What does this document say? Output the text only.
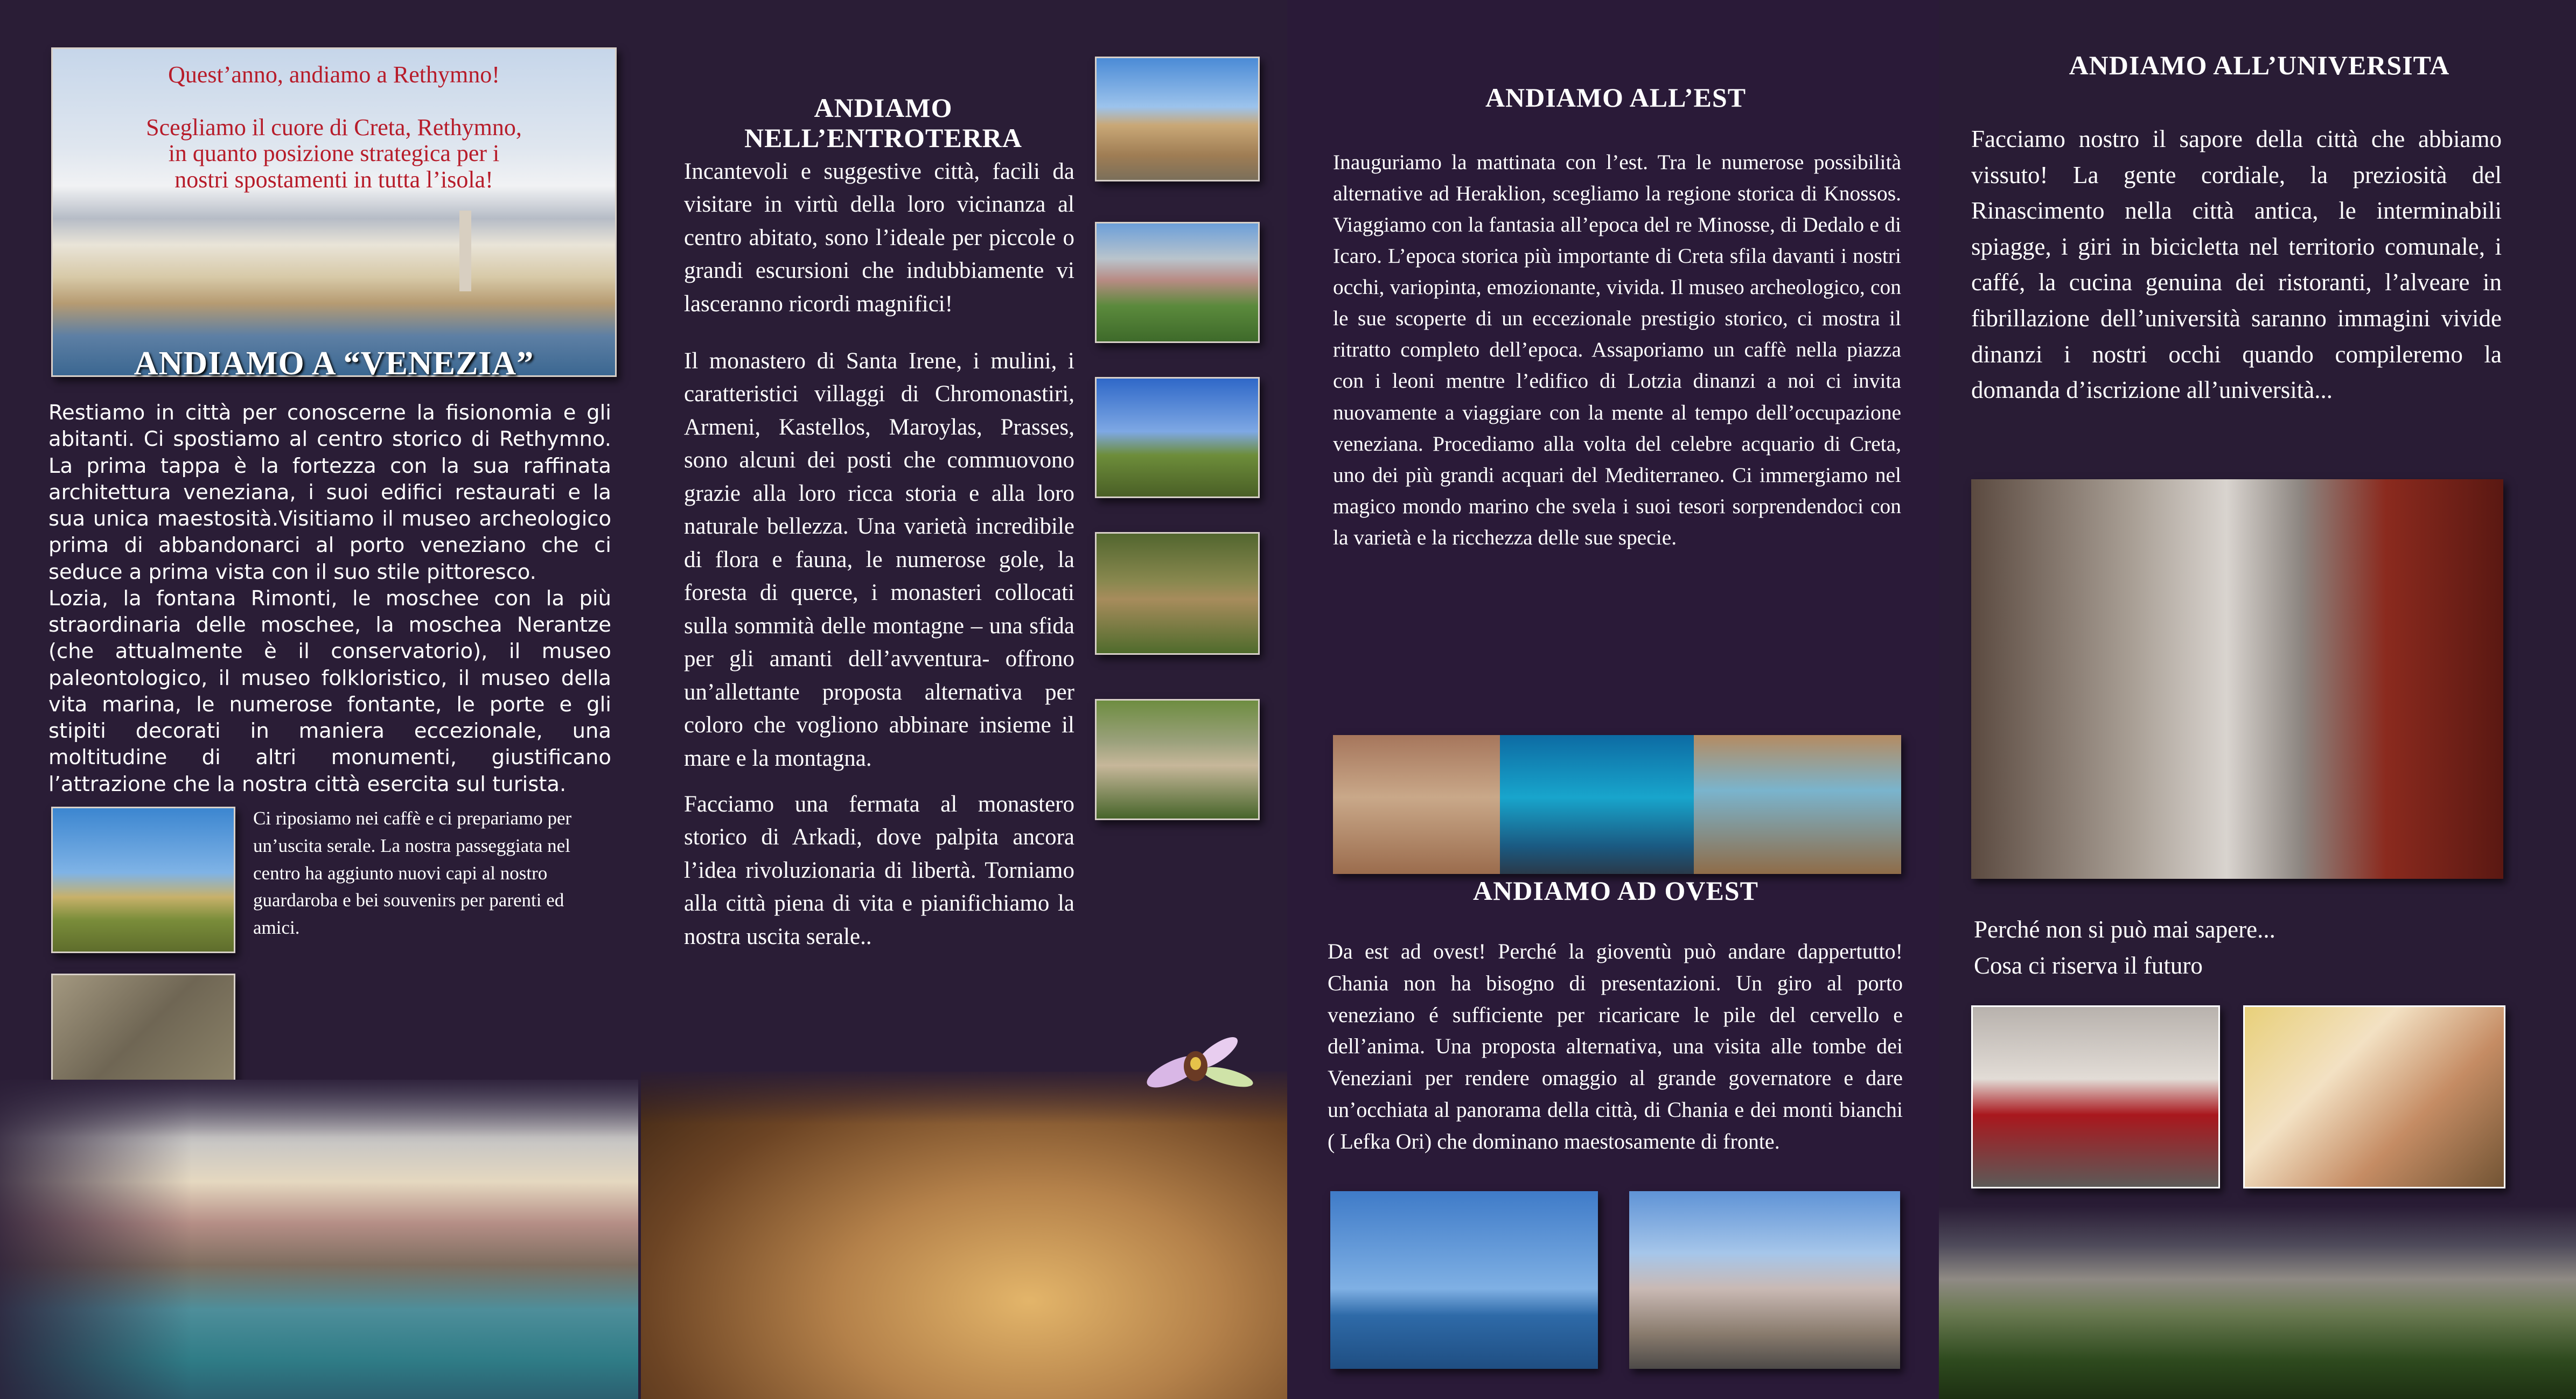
Quest’anno, andiamo a Rethymno!
Scegliamo il cuore di Creta, Rethymno,
in quanto posizione strategica per i
nostri spostamenti in tutta l’isola!
ANDIAMO A “VENEZIA”
Restiamo in città per conoscerne la fisionomia e gli abitanti. Ci spostiamo al centro storico di Rethymno. La prima tappa è la fortezza con la sua raffinata architettura veneziana, i suoi edifici restaurati e la sua unica maestosità.Visitiamo il museo archeologico prima di abbandonarci al porto veneziano che ci seduce a prima vista con il suo stile pittoresco.
Lozia, la fontana Rimonti, le moschee con la più straordinaria delle moschee, la moschea Nerantze (che attualmente è il conservatorio), il museo paleontologico, il museo folkloristico, il museo della vita marina, le numerose fontante, le porte e gli stipiti decorati in maniera eccezionale, una moltitudine di altri monumenti, giustificano l’attrazione che la nostra città esercita sul turista.
Ci riposiamo nei caffè e ci prepariamo per un’uscita serale. La nostra passeggiata nel centro ha aggiunto nuovi capi al nostro guardaroba e bei souvenirs per parenti ed amici.
ANDIAMO
NELL’ENTROTERRA
Incantevoli e suggestive città, facili da visitare in virtù della loro vicinanza al centro abitato, sono l’ideale per piccole o grandi escursioni che indubbiamente vi lasceranno ricordi magnifici!
Il monastero di Santa Irene, i mulini, i caratteristici villaggi di Chromonastiri, Armeni, Kastellos, Maroylas, Prasses, sono alcuni dei posti che commuovono grazie alla loro ricca storia e alla loro naturale bellezza. Una varietà incredibile di flora e fauna, le numerose gole, la foresta di querce, i monasteri collocati sulla sommità delle montagne – una sfida per gli amanti dell’avventura- offrono un’allettante proposta alternativa per coloro che vogliono abbinare insieme il mare e la montagna.
Facciamo una fermata al monastero storico di Arkadi, dove palpita ancora l’idea rivoluzionaria di libertà. Torniamo alla città piena di vita e pianifichiamo la nostra uscita serale..
ANDIAMO ALL’EST
Inauguriamo la mattinata con l’est. Tra le numerose possibilità alternative ad Heraklion, scegliamo la regione storica di Knossos. Viaggiamo con la fantasia all’epoca del re Minosse, di Dedalo e di Icaro. L’epoca storica più importante di Creta sfila davanti i nostri occhi, variopinta, emozionante, vivida. Il museo archeologico, con le sue scoperte di un eccezionale prestigio storico, ci mostra il ritratto completo dell’epoca. Assaporiamo un caffè nella piazza con i leoni mentre l’edifico di Lotzia dinanzi a noi ci invita nuovamente a viaggiare con la mente al tempo dell’occupazione veneziana. Procediamo alla volta del celebre acquario di Creta, uno dei più grandi acquari del Mediterraneo. Ci immergiamo nel magico mondo marino che svela i suoi tesori sorprendendoci con la varietà e la ricchezza delle sue specie.
ANDIAMO AD OVEST
Da est ad ovest! Perché la gioventù può andare dappertutto! Chania non ha bisogno di presentazioni. Un giro al porto veneziano é sufficiente per ricaricare le pile del cervello e dell’anima. Una proposta alternativa, una visita alle tombe dei Veneziani per rendere omaggio al grande governatore e dare un’occhiata al panorama della città, di Chania e dei monti bianchi ( Lefka Ori) che dominano maestosamente di fronte.
ANDIAMO ALL’UNIVERSITA
Facciamo nostro il sapore della città che abbiamo vissuto! La gente cordiale, la preziosità del Rinascimento nella città antica, le interminabili spiagge, i giri in bicicletta nel territorio comunale, i caffé, la cucina genuina dei ristoranti, l’alveare in fibrillazione dell’università saranno immagini vivide dinanzi i nostri occhi quando compileremo la domanda d’iscrizione all’università...
Perché non si può mai sapere...
Cosa ci riserva il futuro
